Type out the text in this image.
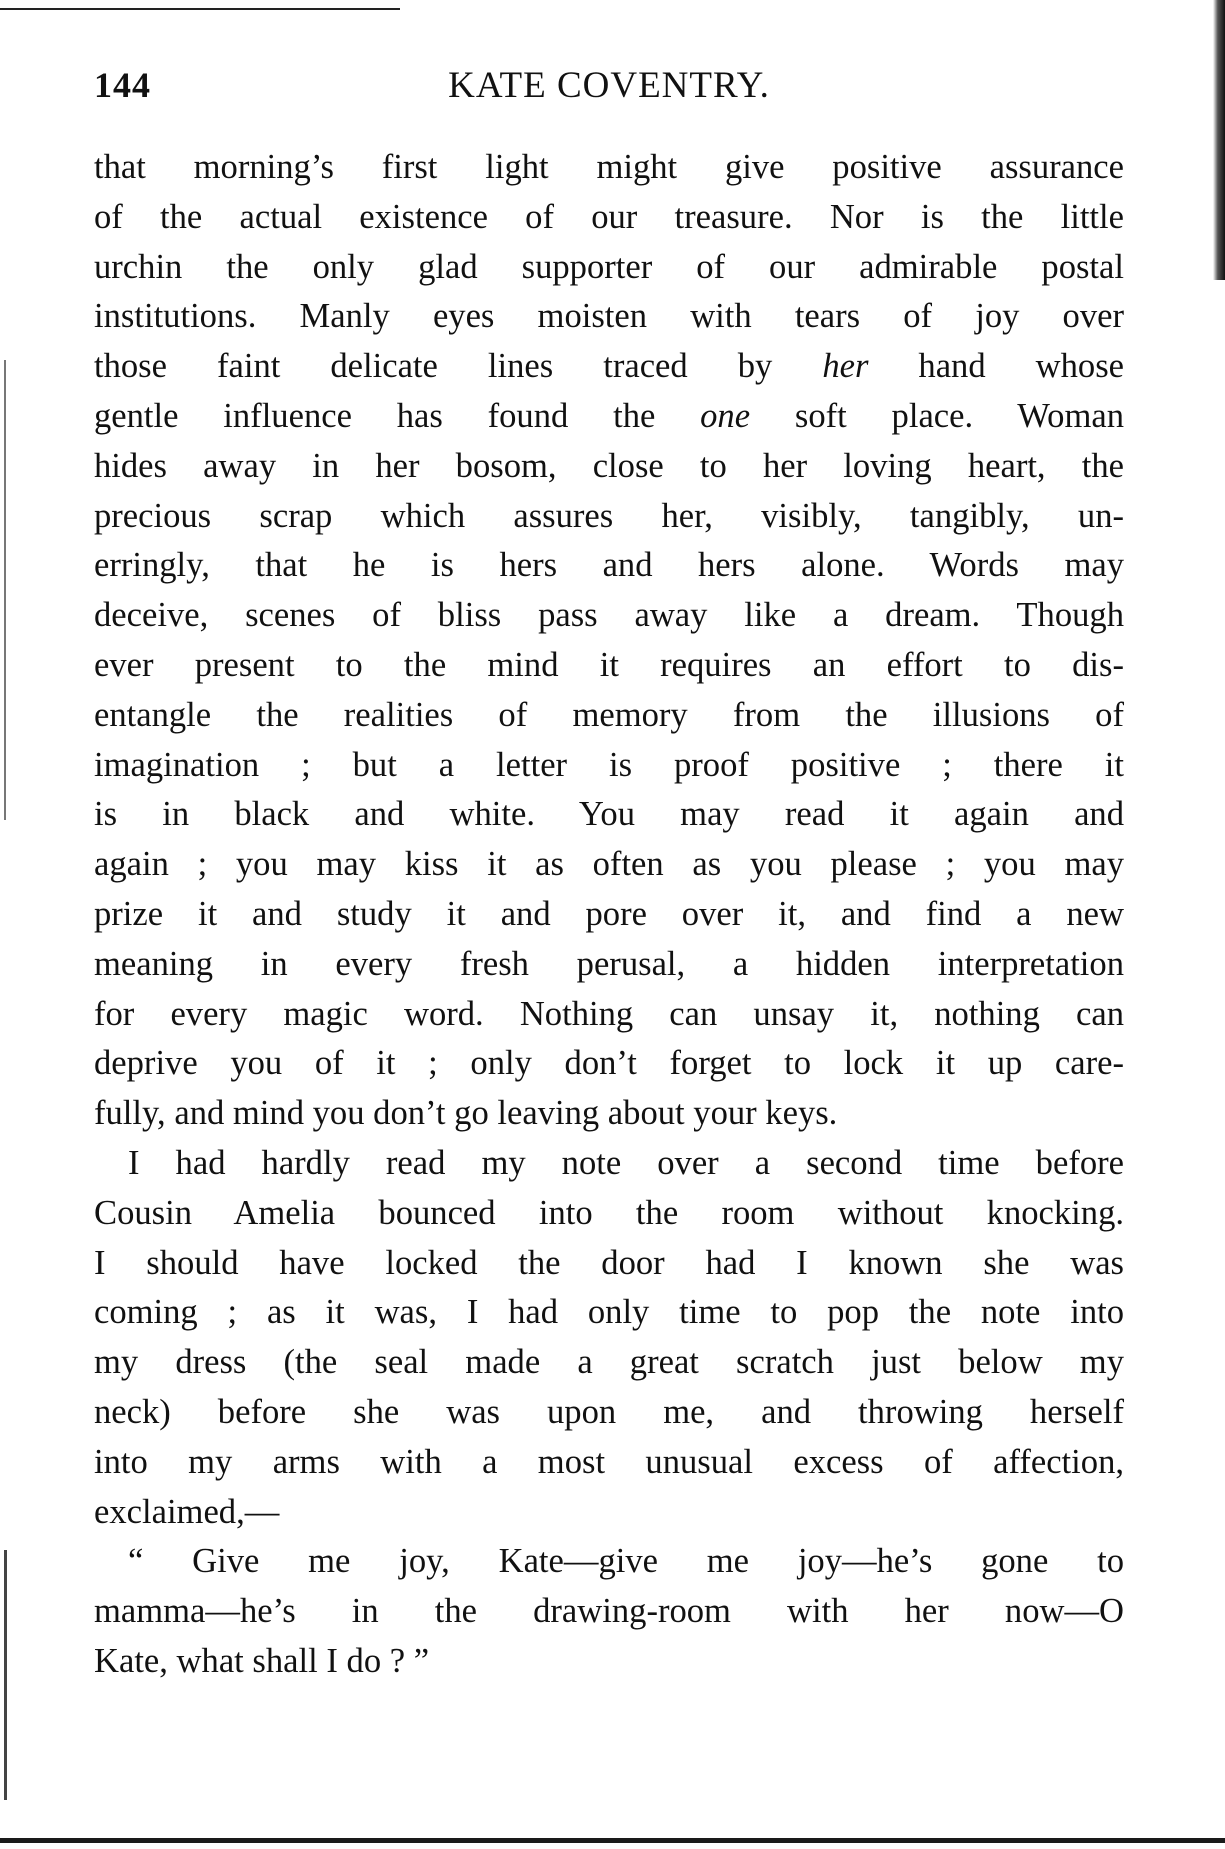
144	KATE COVENTRY.
that morning’s first light might give positive assurance
of the actual existence of our treasure. Nor is the little
urchin the only glad supporter of our admirable postal
institutions. Manly eyes moisten with tears of joy over
those faint delicate lines traced by her hand whose
gentle influence has found the one soft place. Woman
hides away in her bosom, close to her loving heart, the
precious scrap which assures her, visibly, tangibly, un-
erringly, that he is hers and hers alone. Words may
deceive, scenes of bliss pass away like a dream. Though
ever present to the mind it requires an effort to dis-
entangle the realities of memory from the illusions of
imagination ; but a letter is proof positive ; there it
is in black and white. You may read it again and
again ; you may kiss it as often as you please ; you may
prize it and study it and pore over it, and find a new
meaning in every fresh perusal, a hidden interpretation
for every magic word. Nothing can unsay it, nothing can
deprive you of it ; only don’t forget to lock it up care-
fully, and mind you don’t go leaving about your keys.
I had hardly read my note over a second time before
Cousin Amelia bounced into the room without knocking.
I should have locked the door had I known she was
coming ; as it was, I had only time to pop the note into
my dress (the seal made a great scratch just below my
neck) before she was upon me, and throwing herself
into my arms with a most unusual excess of affection,
exclaimed,—
“ Give me joy, Kate—give me joy—he’s gone to
mamma—he’s in the drawing-room with her now—O
Kate, what shall I do ? ”
